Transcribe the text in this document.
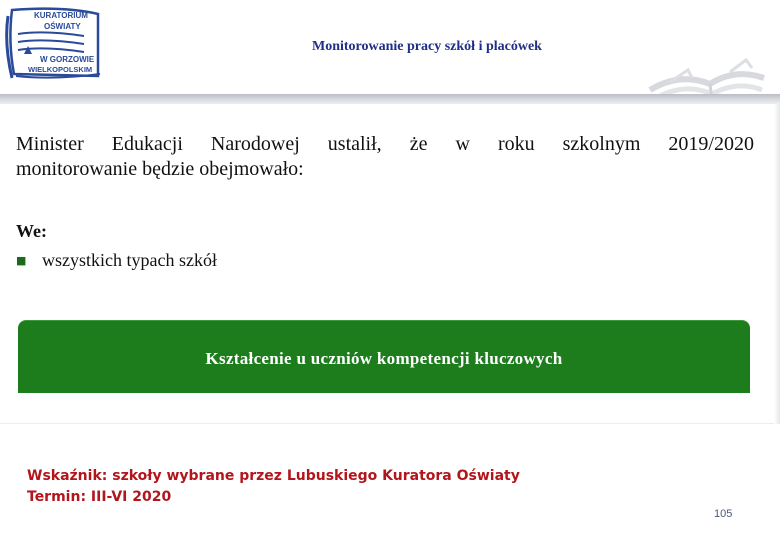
KURATORIUM
OŚWIATY
W GORZOWIE
WIELKOPOLSKIM
Monitorowanie pracy szkół i placówek
Minister Edukacji Narodowej ustalił, że w roku szkolnym 2019/2020
monitorowanie będzie obejmowało:
We:
■ wszystkich typach szkół
Kształcenie u uczniów kompetencji kluczowych
Wskaźnik: szkoły wybrane przez Lubuskiego Kuratora Oświaty
Termin: III-VI 2020
105
